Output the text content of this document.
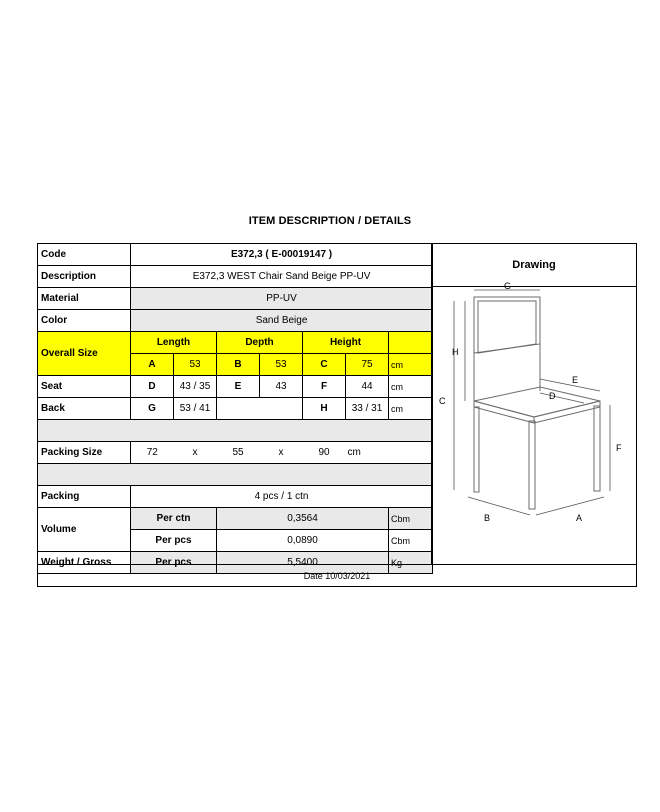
ITEM DESCRIPTION / DETAILS
Code	E372,3 ( E-00019147 )						
Description	E372,3 WEST Chair Sand Beige PP-UV						
Material	PP-UV						
Color	Sand Beige						
Overall Size	Length		Depth		Height		
	A	53	B	53	C	75	cm
Seat	D	43 / 35	E	43	F	44	cm
Back	G	53 / 41			H	33 / 31	cm

Packing Size	72	x	55	x	90	cm	

Packing	4 pcs / 1 ctn						
Volume	Per ctn		0,3564				Cbm
	Per pcs		0,0890				Cbm
Weight / Gross	Per pcs		5,5400				Kg
Drawing
G
H
C
E
D
F
B	A
Date 10/03/2021
